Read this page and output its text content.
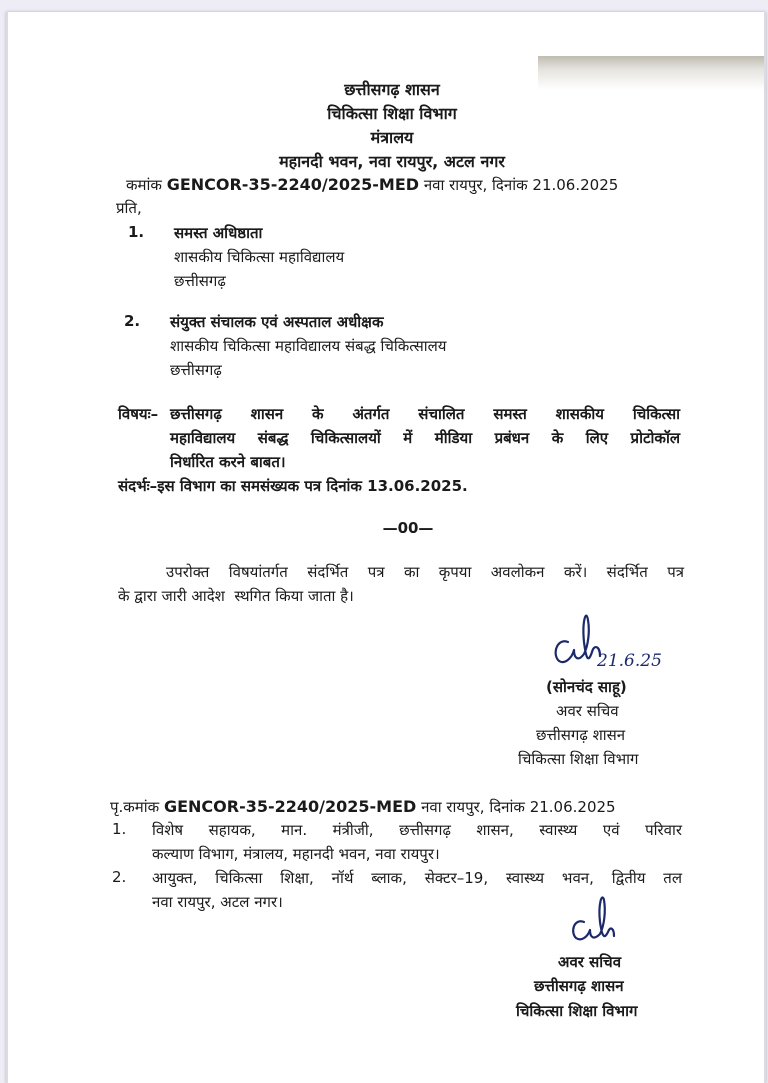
छत्तीसगढ़ शासन
चिकित्सा शिक्षा विभाग
मंत्रालय
महानदी भवन, नवा रायपुर, अटल नगर
कमांक GENCOR-35-2240/2025-MED नवा रायपुर, दिनांक 21.06.2025
प्रति,
1. समस्त अधिष्ठाता
शासकीय चिकित्सा महाविद्यालय
छत्तीसगढ़
2. संयुक्त संचालक एवं अस्पताल अधीक्षक
शासकीय चिकित्सा महाविद्यालय संबद्ध चिकित्सालय
छत्तीसगढ़
विषयः– छत्तीसगढ़ शासन के अंतर्गत संचालित समस्त शासकीय चिकित्सा
महाविद्यालय संबद्ध चिकित्सालयों में मीडिया प्रबंधन के लिए प्रोटोकॉल
निर्धारित करने बाबत।
संदर्भः–इस विभाग का समसंख्यक पत्र दिनांक 13.06.2025.
—00—
उपरोक्त विषयांतर्गत संदर्भित पत्र का कृपया अवलोकन करें। संदर्भित पत्र
के द्वारा जारी आदेश  स्थगित किया जाता है।
21.6.25
(सोनचंद साहू)
अवर सचिव
छत्तीसगढ़ शासन
चिकित्सा शिक्षा विभाग
पृ.कमांक GENCOR-35-2240/2025-MED नवा रायपुर, दिनांक 21.06.2025
1. विशेष सहायक, मान. मंत्रीजी, छत्तीसगढ़ शासन, स्वास्थ्य एवं परिवार
कल्याण विभाग, मंत्रालय, महानदी भवन, नवा रायपुर।
2. आयुक्त, चिकित्सा शिक्षा, नॉर्थ ब्लाक, सेक्टर–19, स्वास्थ्य भवन, द्वितीय तल
नवा रायपुर, अटल नगर।
अवर सचिव
छत्तीसगढ़ शासन
चिकित्सा शिक्षा विभाग
